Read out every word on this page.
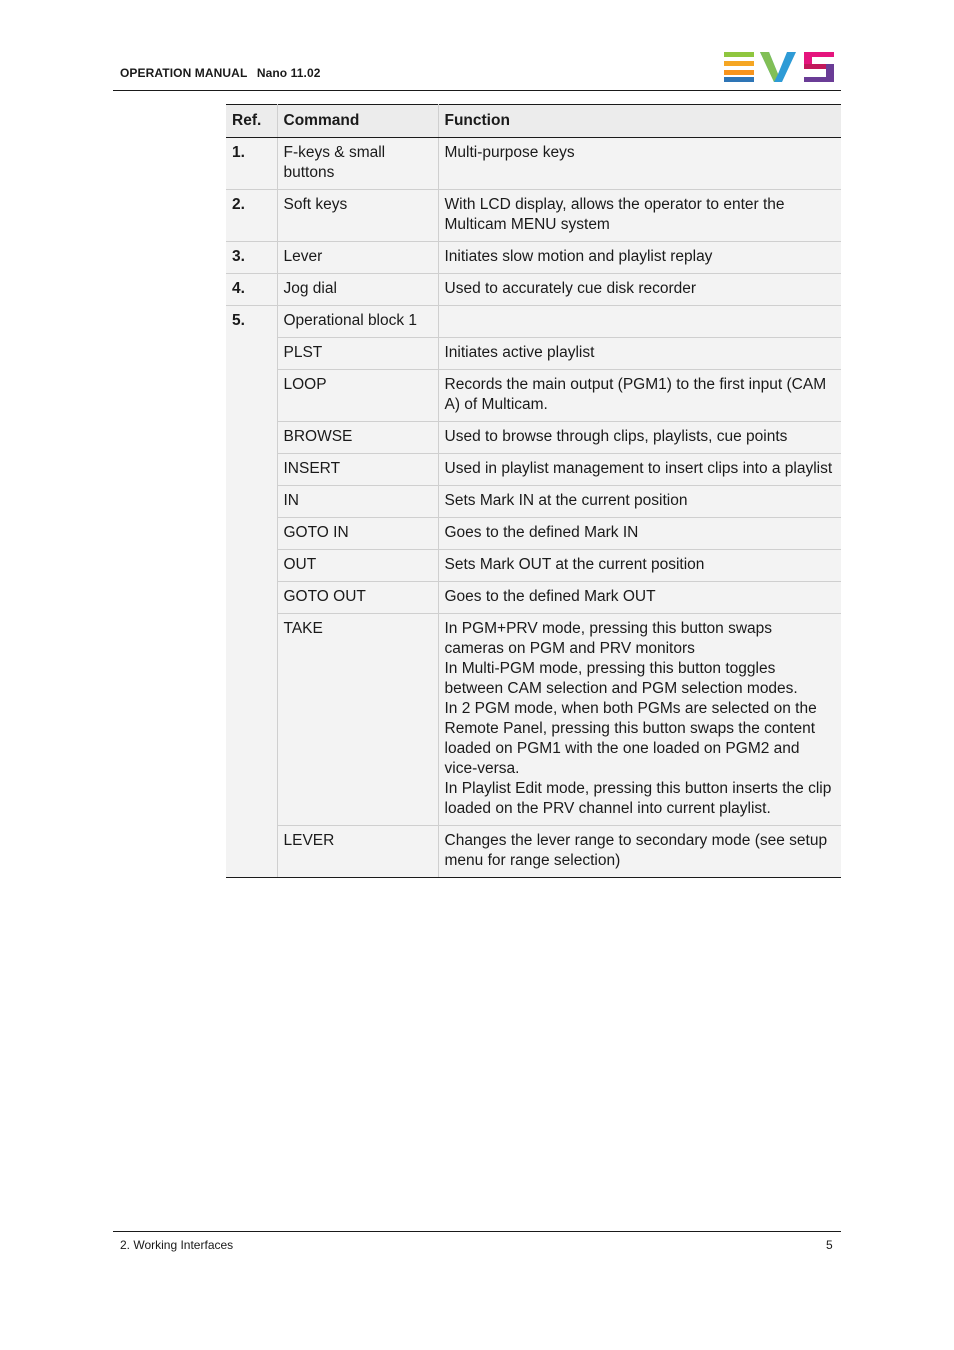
OPERATION MANUAL Nano 11.02
Ref.	Command	Function
1.	F-keys & small buttons	Multi-purpose keys

2.	Soft keys	With LCD display, allows the operator to enter the Multicam MENU system

3.	Lever	Initiates slow motion and playlist replay

4.	Jog dial	Used to accurately cue disk recorder

5.	Operational block 1	

	PLST	Initiates active playlist

	LOOP	Records the main output (PGM1) to the first input (CAM A) of Multicam.

	BROWSE	Used to browse through clips, playlists, cue points

	INSERT	Used in playlist management to insert clips into a playlist

	IN	Sets Mark IN at the current position

	GOTO IN	Goes to the defined Mark IN

	OUT	Sets Mark OUT at the current position

	GOTO OUT	Goes to the defined Mark OUT

	TAKE	In PGM+PRV mode, pressing this button swaps cameras on PGM and PRV monitors
In Multi-PGM mode, pressing this button toggles between CAM selection and PGM selection modes.
In 2 PGM mode, when both PGMs are selected on the Remote Panel, pressing this button swaps the content loaded on PGM1 with the one loaded on PGM2 and vice-versa.
In Playlist Edit mode, pressing this button inserts the clip loaded on the PRV channel into current playlist.

	LEVER	Changes the lever range to secondary mode (see setup menu for range selection)
2. Working Interfaces	5
